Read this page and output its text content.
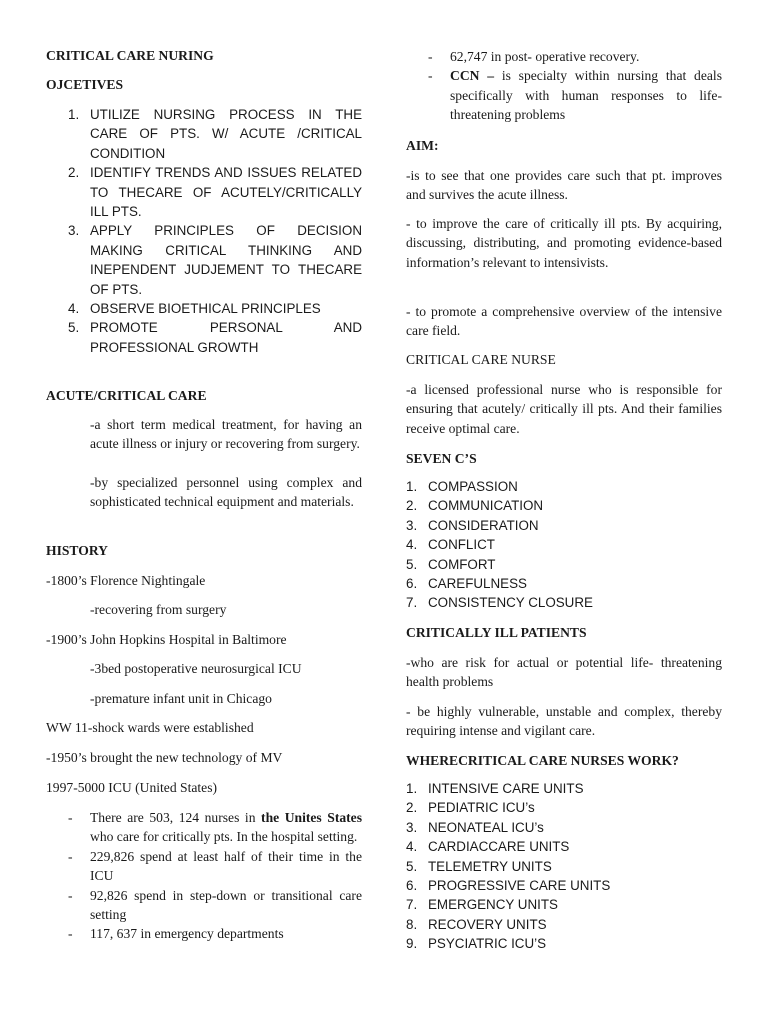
CRITICAL CARE NURING
OJCETIVES
1. UTILIZE NURSING PROCESS IN THE CARE OF PTS. W/ ACUTE /CRITICAL CONDITION
2. IDENTIFY TRENDS AND ISSUES RELATED TO THECARE OF ACUTELY/CRITICALLY ILL PTS.
3. APPLY PRINCIPLES OF DECISION MAKING CRITICAL THINKING AND INEPENDENT JUDJEMENT TO THECARE OF PTS.
4. OBSERVE BIOETHICAL PRINCIPLES
5. PROMOTE PERSONAL AND PROFESSIONAL GROWTH
ACUTE/CRITICAL CARE
-a short term medical treatment, for having an acute illness or injury or recovering from surgery.
-by specialized personnel using complex and sophisticated technical equipment and materials.
HISTORY
-1800’s Florence Nightingale
-recovering from surgery
-1900’s John Hopkins Hospital in Baltimore
-3bed postoperative neurosurgical ICU
-premature infant unit in Chicago
WW 11-shock wards were established
-1950’s brought the new technology of MV
1997-5000 ICU (United States)
-	There are 503, 124 nurses in the Unites States who care for critically pts. In the hospital setting.
-	229,826 spend at least half of their time in the ICU
-	92,826 spend in step-down or transitional care setting
-	117, 637 in emergency departments
-	62,747 in post- operative recovery.
-	CCN – is specialty within nursing that deals specifically with human responses to life-threatening problems
AIM:
-is to see that one provides care such that pt. improves and survives the acute illness.
- to improve the care of critically ill pts. By acquiring, discussing, distributing, and promoting evidence-based information’s relevant to intensivists.
- to promote a comprehensive overview of the intensive care field.
CRITICAL CARE NURSE
-a licensed professional nurse who is responsible for ensuring that acutely/ critically ill pts. And their families receive optimal care.
SEVEN C’S
1. COMPASSION
2. COMMUNICATION
3. CONSIDERATION
4. CONFLICT
5. COMFORT
6. CAREFULNESS
7. CONSISTENCY CLOSURE
CRITICALLY ILL PATIENTS
-who are risk for actual or potential life- threatening health problems
- be highly vulnerable, unstable and complex, thereby requiring intense and vigilant care.
WHERECRITICAL CARE NURSES WORK?
1. INTENSIVE CARE UNITS
2. PEDIATRIC ICU’s
3. NEONATEAL ICU’s
4. CARDIACCARE UNITS
5. TELEMETRY UNITS
6. PROGRESSIVE CARE UNITS
7. EMERGENCY UNITS
8. RECOVERY UNITS
9. PSYCIATRIC ICU’S
